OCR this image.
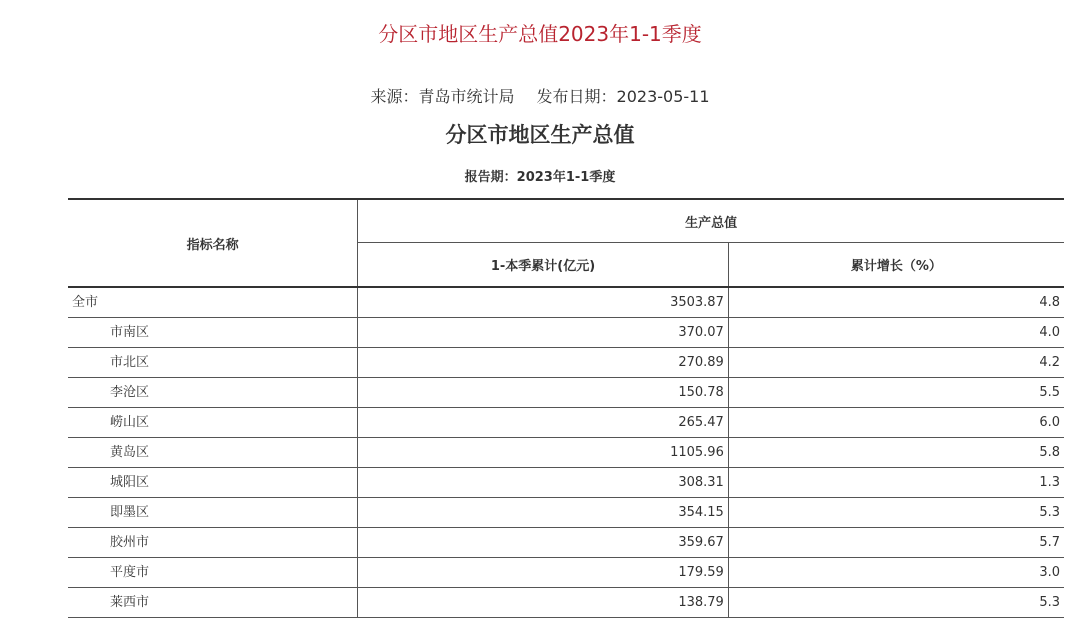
分区市地区生产总值2023年1-1季度
来源：青岛市统计局 发布日期：2023-05-11
分区市地区生产总值
报告期：2023年1-1季度
指标名称	生产总值	
	1-本季累计(亿元)	累计增长（%）
全市	3503.87	4.8
市南区	370.07	4.0
市北区	270.89	4.2
李沧区	150.78	5.5
崂山区	265.47	6.0
黄岛区	1105.96	5.8
城阳区	308.31	1.3
即墨区	354.15	5.3
胶州市	359.67	5.7
平度市	179.59	3.0
莱西市	138.79	5.3
